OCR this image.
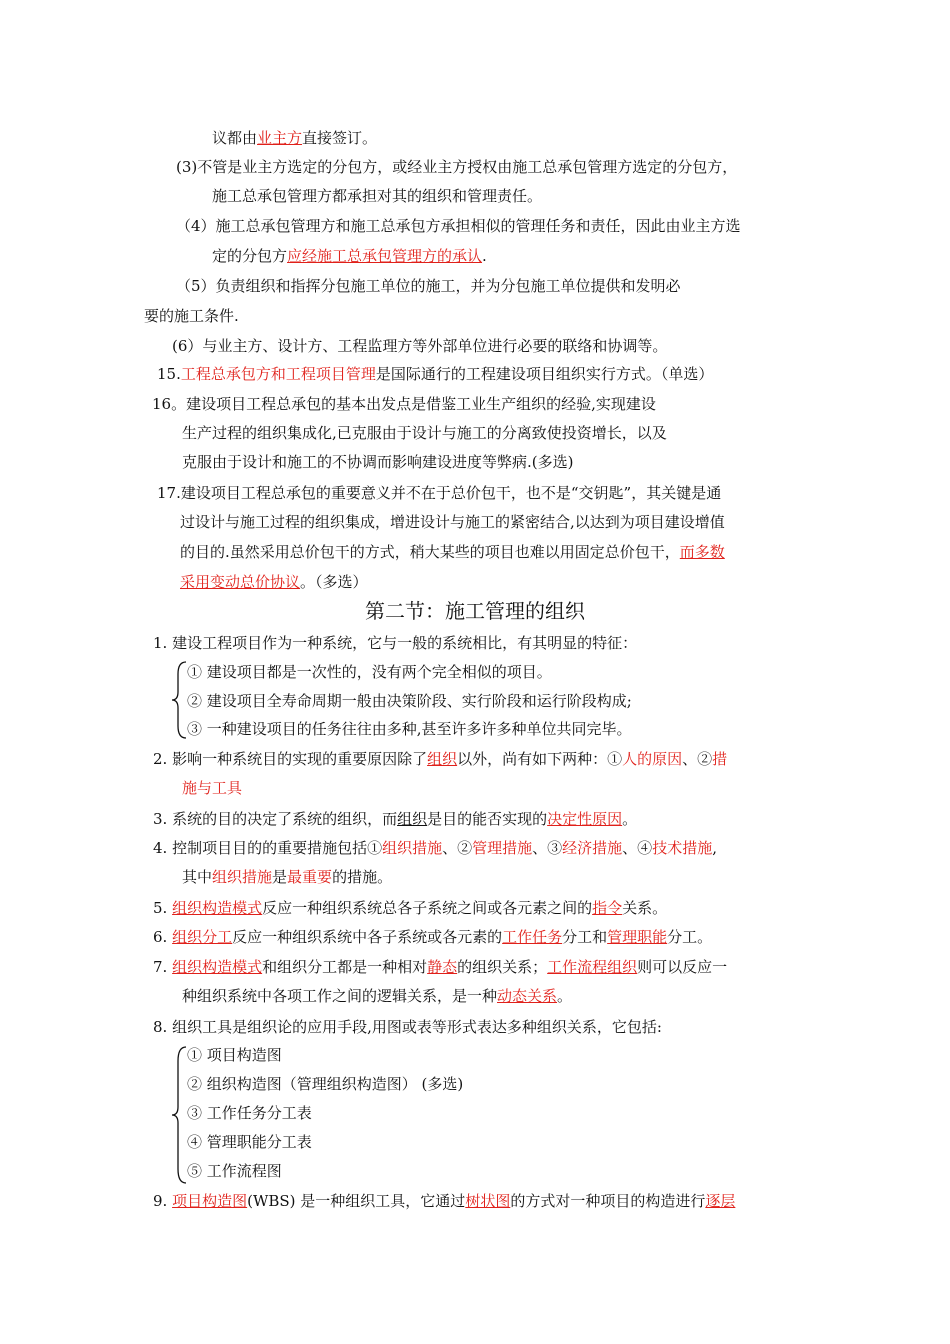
第二节：施工管理的组织
议都由业主方直接签订。
(3)不管是业主方选定的分包方，或经业主方授权由施工总承包管理方选定的分包方，
施工总承包管理方都承担对其的组织和管理责任。
（4）施工总承包管理方和施工总承包方承担相似的管理任务和责任，因此由业主方选
定的分包方应经施工总承包管理方的承认.
（5）负责组织和指挥分包施工单位的施工，并为分包施工单位提供和发明必
要的施工条件.
(6）与业主方、设计方、工程监理方等外部单位进行必要的联络和协调等。
15.工程总承包方和工程项目管理是国际通行的工程建设项目组织实行方式。（单选）
16。建设项目工程总承包的基本出发点是借鉴工业生产组织的经验,实现建设
生产过程的组织集成化,已克服由于设计与施工的分离致使投资增长，以及
克服由于设计和施工的不协调而影响建设进度等弊病.(多选)
17.建设项目工程总承包的重要意义并不在于总价包干，也不是“交钥匙”，其关键是通
过设计与施工过程的组织集成，增进设计与施工的紧密结合,以达到为项目建设增值
的目的.虽然采用总价包干的方式，稍大某些的项目也难以用固定总价包干，而多数
采用变动总价协议。（多选）
1. 建设工程项目作为一种系统，它与一般的系统相比，有其明显的特征：
① 建设项目都是一次性的，没有两个完全相似的项目。
② 建设项目全寿命周期一般由决策阶段、实行阶段和运行阶段构成;
③ 一种建设项目的任务往往由多种,甚至许多许多种单位共同完毕。
2. 影响一种系统目的实现的重要原因除了组织以外，尚有如下两种：①人的原因、②措
施与工具
3. 系统的目的决定了系统的组织，而组织是目的能否实现的决定性原因。
4. 控制项目目的的重要措施包括①组织措施、②管理措施、③经济措施、④技术措施,
其中组织措施是最重要的措施。
5. 组织构造模式反应一种组织系统总各子系统之间或各元素之间的指令关系。
6. 组织分工反应一种组织系统中各子系统或各元素的工作任务分工和管理职能分工。
7. 组织构造模式和组织分工都是一种相对静态的组织关系；工作流程组织则可以反应一
种组织系统中各项工作之间的逻辑关系，是一种动态关系。
8. 组织工具是组织论的应用手段,用图或表等形式表达多种组织关系，它包括:
① 项目构造图
② 组织构造图（管理组织构造图） (多选)
③ 工作任务分工表
④ 管理职能分工表
⑤ 工作流程图
9. 项目构造图(WBS) 是一种组织工具，它通过树状图的方式对一种项目的构造进行逐层
